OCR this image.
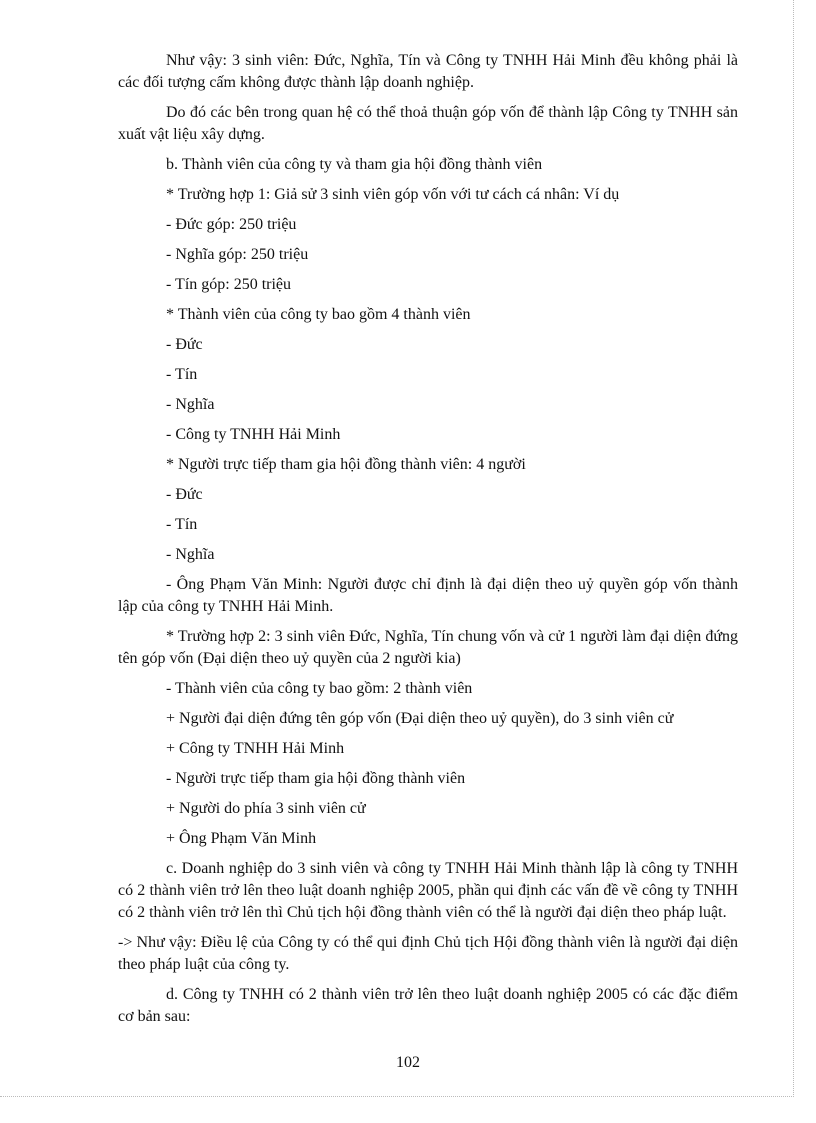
Như vậy: 3 sinh viên: Đức, Nghĩa, Tín và Công ty TNHH Hải Minh đều không phải là các đối tượng cấm không được thành lập doanh nghiệp.

Do đó các bên trong quan hệ có thể thoả thuận góp vốn để thành lập Công ty TNHH sản xuất vật liệu xây dựng.

b. Thành viên của công ty và tham gia hội đồng thành viên

* Trường hợp 1: Giả sử 3 sinh viên góp vốn với tư cách cá nhân: Ví dụ

- Đức góp: 250 triệu

- Nghĩa góp: 250 triệu

- Tín góp: 250 triệu

* Thành viên của công ty bao gồm 4 thành viên

- Đức

- Tín

- Nghĩa

- Công ty TNHH Hải Minh

* Người trực tiếp tham gia hội đồng thành viên: 4 người

- Đức

- Tín

- Nghĩa

- Ông Phạm Văn Minh: Người được chỉ định là đại diện theo uỷ quyền góp vốn thành lập của công ty TNHH Hải Minh.

* Trường hợp 2: 3 sinh viên Đức, Nghĩa, Tín chung vốn và cử 1 người làm đại diện đứng tên góp vốn (Đại diện theo uỷ quyền của 2 người kia)

- Thành viên của công ty bao gồm: 2 thành viên

+ Người đại diện đứng tên góp vốn (Đại diện theo uỷ quyền), do 3 sinh viên cử

+ Công ty TNHH Hải Minh

- Người trực tiếp tham gia hội đồng thành viên

+ Người do phía 3 sinh viên cử

+ Ông Phạm Văn Minh

c. Doanh nghiệp do 3 sinh viên và công ty TNHH Hải Minh thành lập là công ty TNHH có 2 thành viên trở lên theo luật doanh nghiệp 2005, phần qui định các vấn đề về công ty TNHH có 2 thành viên trở lên thì Chủ tịch hội đồng thành viên có thể là người đại diện theo pháp luật.

-> Như vậy: Điều lệ của Công ty có thể qui định Chủ tịch Hội đồng thành viên là người đại diện theo pháp luật của công ty.

d. Công ty TNHH có 2 thành viên trở lên theo luật doanh nghiệp 2005 có các đặc điểm cơ bản sau:

102
